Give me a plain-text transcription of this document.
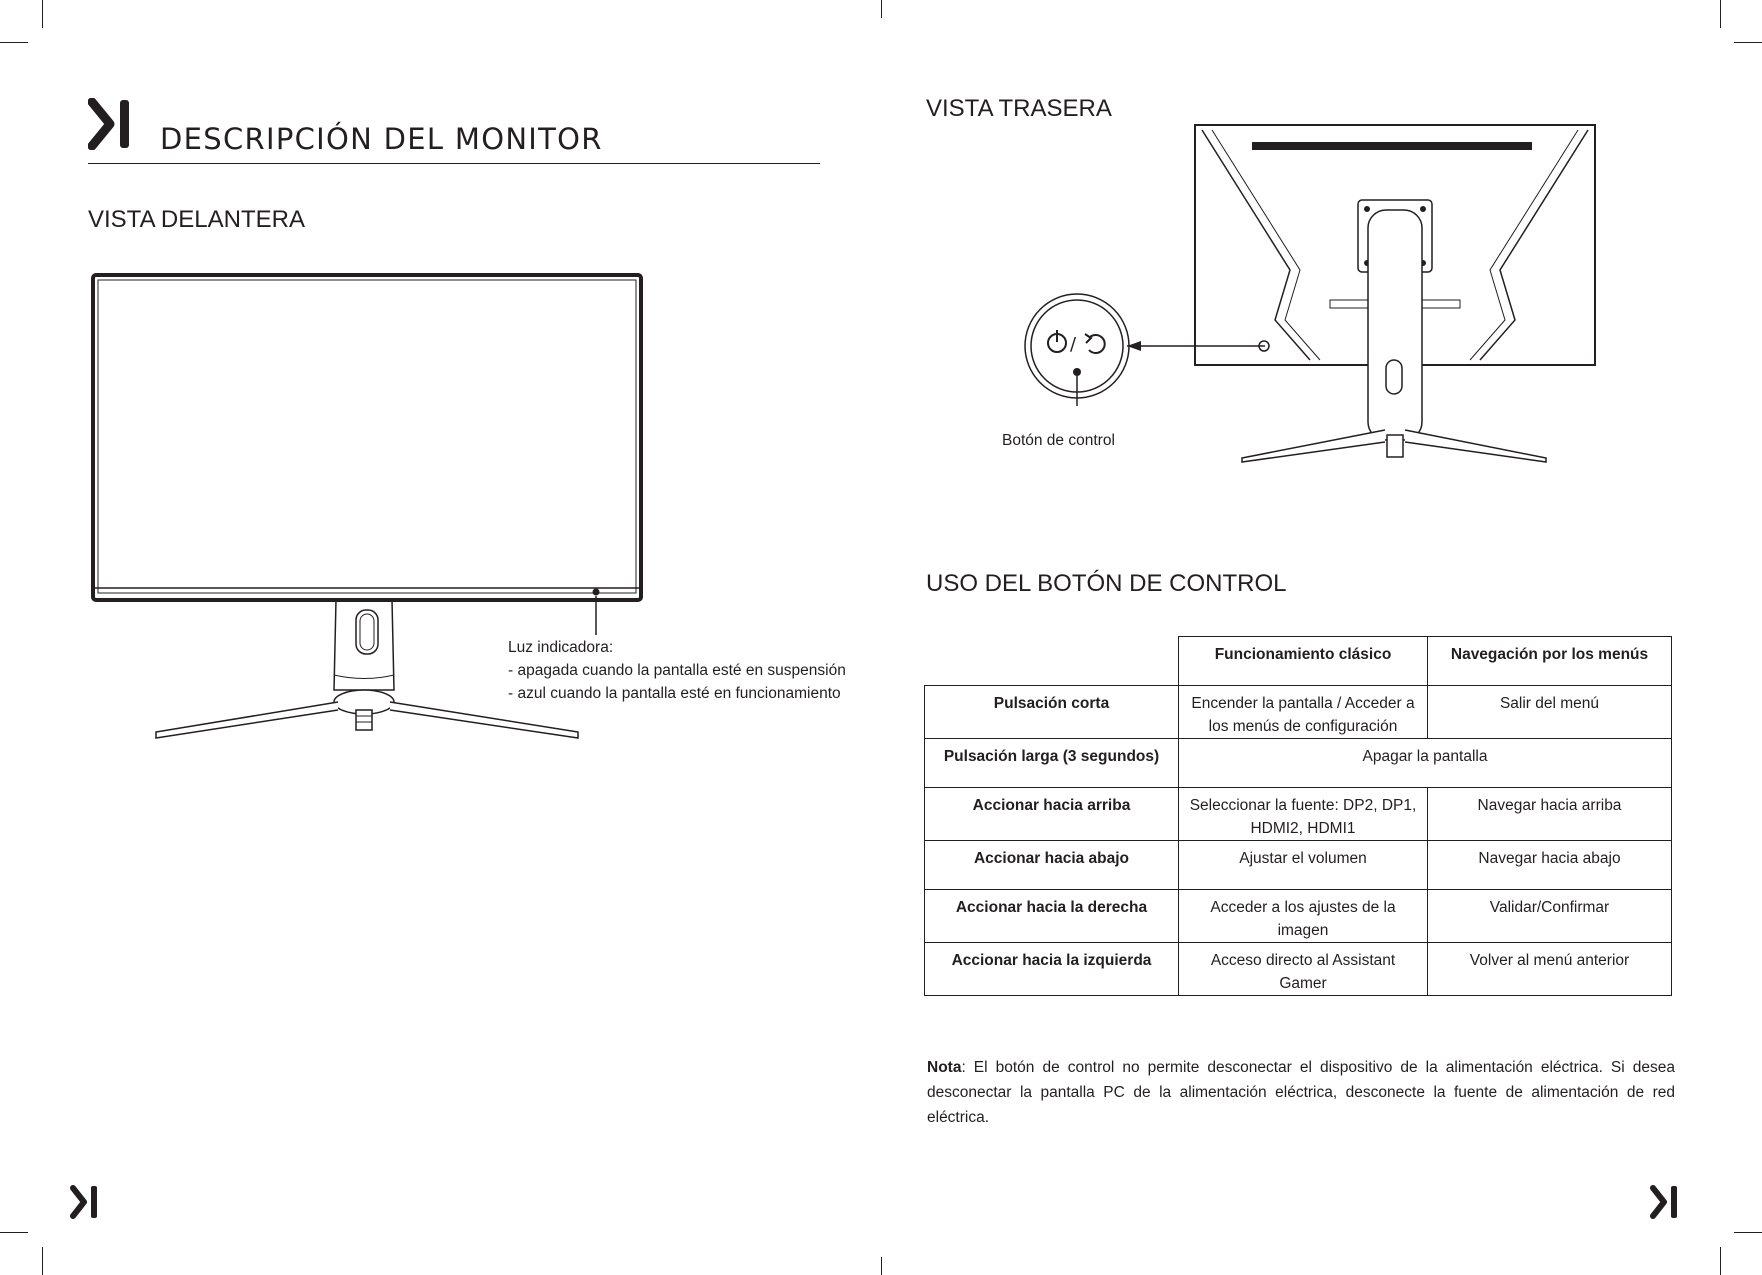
DESCRIPCIÓN DEL MONITOR
VISTA DELANTERA
Luz indicadora:
- apagada cuando la pantalla esté en suspensión
- azul cuando la pantalla esté en funcionamiento
VISTA TRASERA
/
Botón de control
USO DEL BOTÓN DE CONTROL
	Funcionamiento clásico	Navegación por los menús
Pulsación corta	Encender la pantalla / Acceder a los menús de configuración	Salir del menú
Pulsación larga (3 segundos)	Apagar la pantalla	
Accionar hacia arriba	Seleccionar la fuente: DP2, DP1, HDMI2, HDMI1	Navegar hacia arriba
Accionar hacia abajo	Ajustar el volumen	Navegar hacia abajo
Accionar hacia la derecha	Acceder a los ajustes de la imagen	Validar/Confirmar
Accionar hacia la izquierda	Acceso directo al Assistant Gamer	Volver al menú anterior
Nota: El botón de control no permite desconectar el dispositivo de la alimentación eléctrica. Si desea desconectar la pantalla PC de la alimentación eléctrica, desconecte la fuente de alimentación de red eléctrica.
